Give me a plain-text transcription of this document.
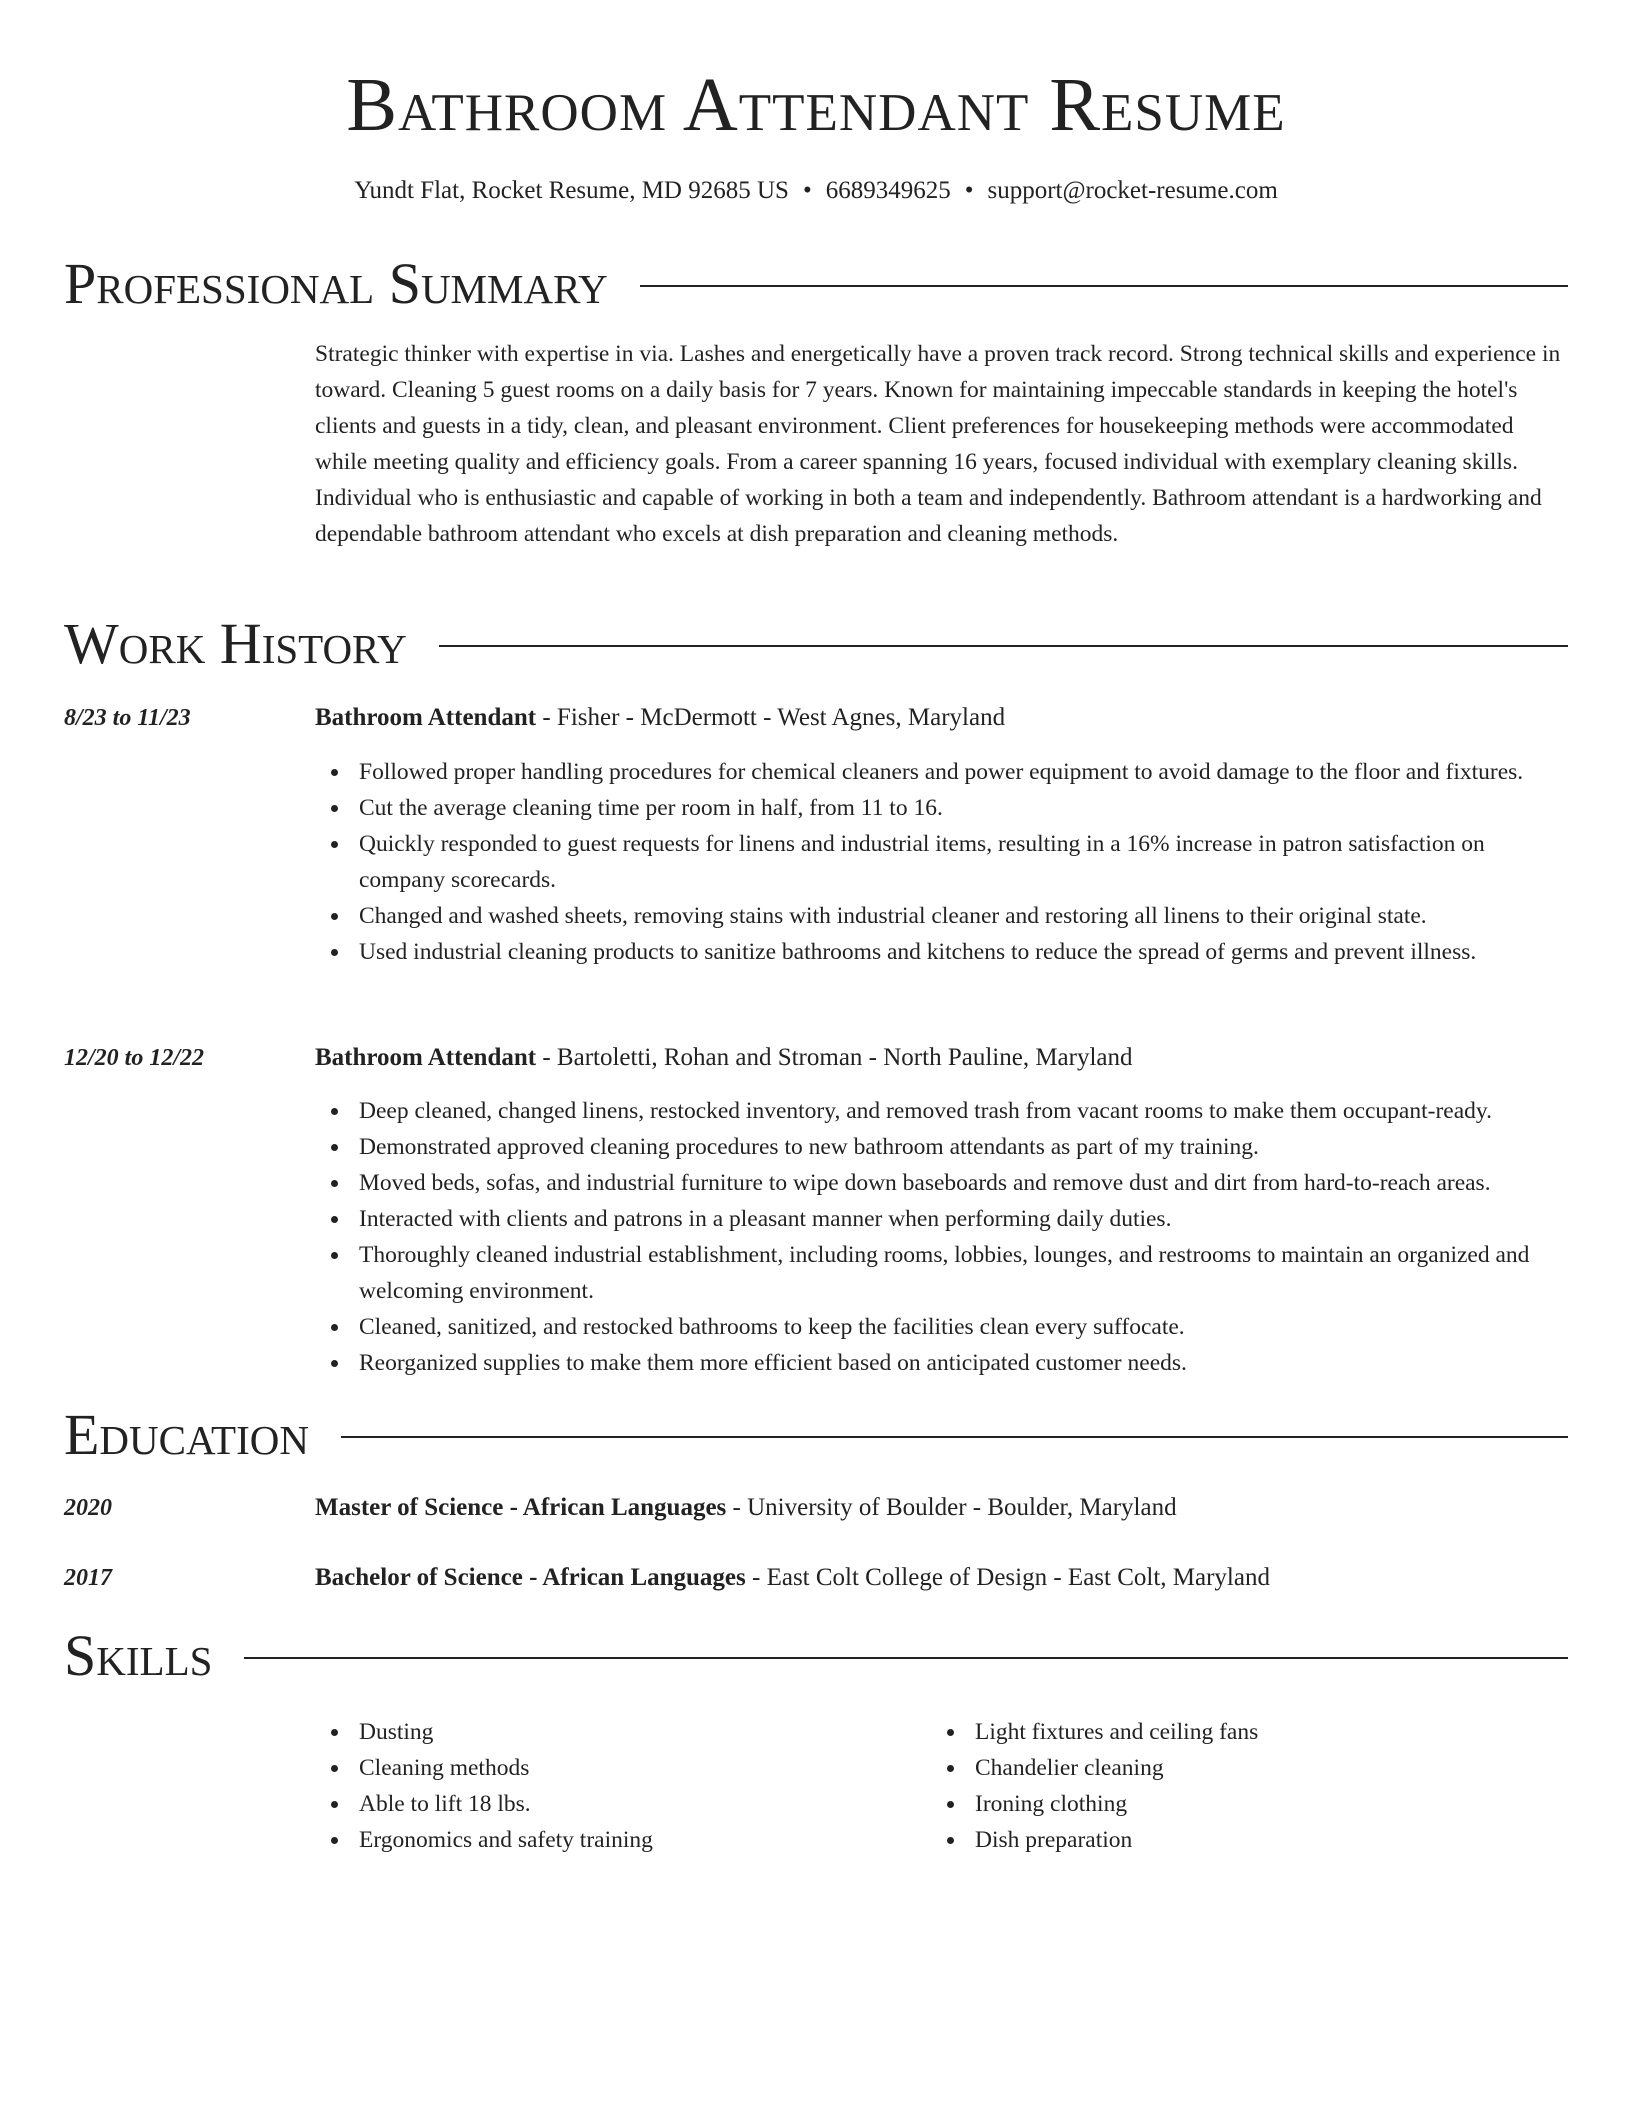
Bathroom Attendant Resume
Yundt Flat, Rocket Resume, MD 92685 US • 6689349625 • support@rocket-resume.com
Professional Summary

Strategic thinker with expertise in via. Lashes and energetically have a proven track record. Strong technical skills and experience in toward. Cleaning 5 guest rooms on a daily basis for 7 years. Known for maintaining impeccable standards in keeping the hotel's clients and guests in a tidy, clean, and pleasant environment. Client preferences for housekeeping methods were accommodated while meeting quality and efficiency goals. From a career spanning 16 years, focused individual with exemplary cleaning skills. Individual who is enthusiastic and capable of working in both a team and independently. Bathroom attendant is a hardworking and dependable bathroom attendant who excels at dish preparation and cleaning methods.

Work History
8/23 to 11/23	Bathroom Attendant - Fisher - McDermott - West Agnes, Maryland
Followed proper handling procedures for chemical cleaners and power equipment to avoid damage to the floor and fixtures.
Cut the average cleaning time per room in half, from 11 to 16.
Quickly responded to guest requests for linens and industrial items, resulting in a 16% increase in patron satisfaction on company scorecards.
Changed and washed sheets, removing stains with industrial cleaner and restoring all linens to their original state.
Used industrial cleaning products to sanitize bathrooms and kitchens to reduce the spread of germs and prevent illness.
12/20 to 12/22	Bathroom Attendant - Bartoletti, Rohan and Stroman - North Pauline, Maryland
Deep cleaned, changed linens, restocked inventory, and removed trash from vacant rooms to make them occupant-ready.
Demonstrated approved cleaning procedures to new bathroom attendants as part of my training.
Moved beds, sofas, and industrial furniture to wipe down baseboards and remove dust and dirt from hard-to-reach areas.
Interacted with clients and patrons in a pleasant manner when performing daily duties.
Thoroughly cleaned industrial establishment, including rooms, lobbies, lounges, and restrooms to maintain an organized and welcoming environment.
Cleaned, sanitized, and restocked bathrooms to keep the facilities clean every suffocate.
Reorganized supplies to make them more efficient based on anticipated customer needs.
Education
2020	Master of Science - African Languages - University of Boulder - Boulder, Maryland
2017	Bachelor of Science - African Languages - East Colt College of Design - East Colt, Maryland
Skills
Dusting
Cleaning methods
Able to lift 18 lbs.
Ergonomics and safety training
Light fixtures and ceiling fans
Chandelier cleaning
Ironing clothing
Dish preparation
